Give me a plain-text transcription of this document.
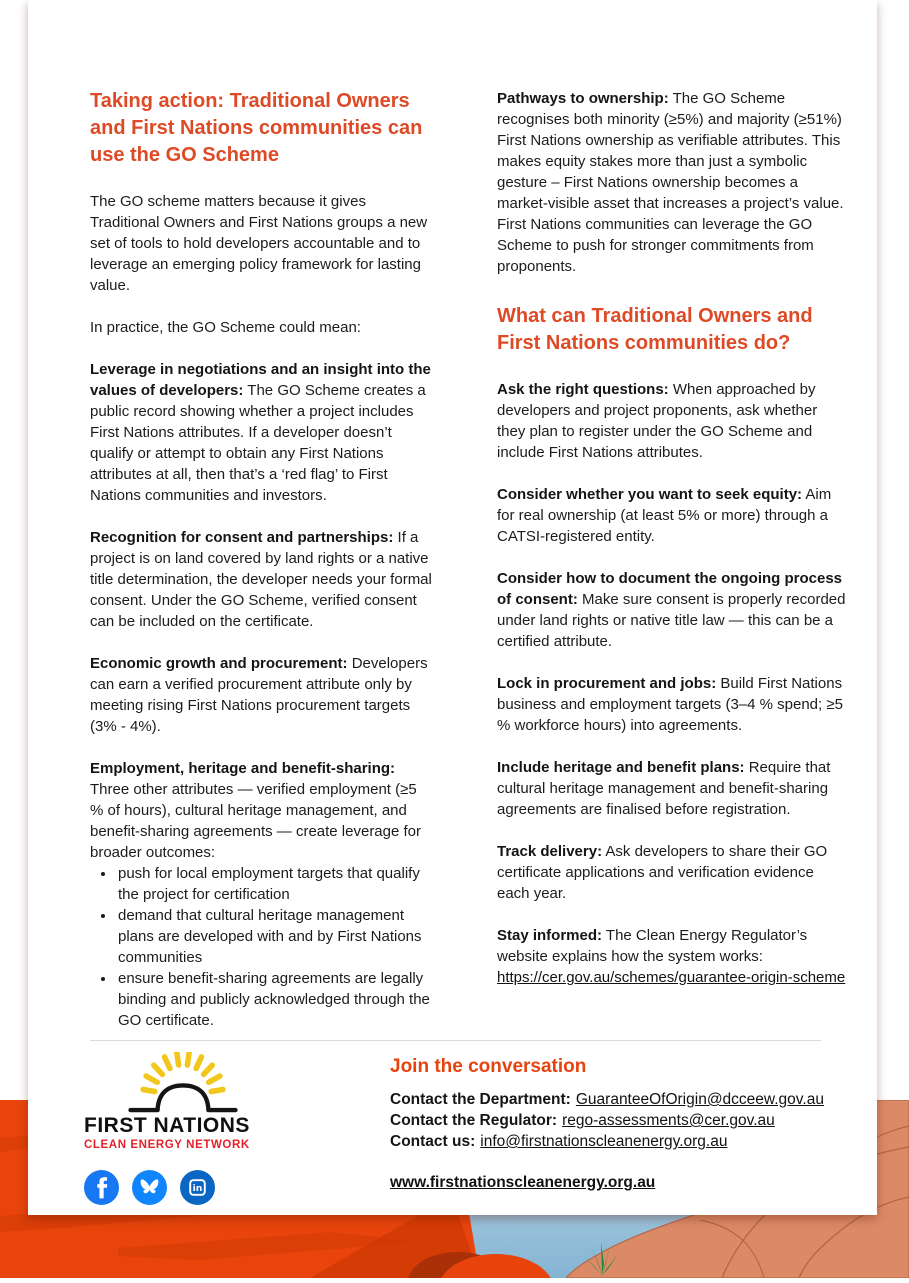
Taking action: Traditional Owners and First Nations communities can use the GO Scheme

The GO scheme matters because it gives Traditional Owners and First Nations groups a new set of tools to hold developers accountable and to leverage an emerging policy framework for lasting value.

In practice, the GO Scheme could mean:

Leverage in negotiations and an insight into the values of developers: The GO Scheme creates a public record showing whether a project includes First Nations attributes. If a developer doesn’t qualify or attempt to obtain any First Nations attributes at all, then that’s a ‘red flag’ to First Nations communities and investors.

Recognition for consent and partnerships: If a project is on land covered by land rights or a native title determination, the developer needs your formal consent. Under the GO Scheme, verified consent can be included on the certificate.

Economic growth and procurement: Developers can earn a verified procurement attribute only by meeting rising First Nations procurement targets (3% - 4%).

Employment, heritage and benefit-sharing: Three other attributes — verified employment (≥5 % of hours), cultural heritage management, and benefit-sharing agreements — create leverage for broader outcomes:

• push for local employment targets that qualify the project for certification
• demand that cultural heritage management plans are developed with and by First Nations communities
• ensure benefit-sharing agreements are legally binding and publicly acknowledged through the GO certificate.

Pathways to ownership: The GO Scheme recognises both minority (≥5%) and majority (≥51%) First Nations ownership as verifiable attributes. This makes equity stakes more than just a symbolic gesture – First Nations ownership becomes a market-visible asset that increases a project’s value. First Nations communities can leverage the GO Scheme to push for stronger commitments from proponents.

What can Traditional Owners and First Nations communities do?

Ask the right questions: When approached by developers and project proponents, ask whether they plan to register under the GO Scheme and include First Nations attributes.

Consider whether you want to seek equity: Aim for real ownership (at least 5% or more) through a CATSI-registered entity.

Consider how to document the ongoing process of consent: Make sure consent is properly recorded under land rights or native title law — this can be a certified attribute.

Lock in procurement and jobs: Build First Nations business and employment targets (3–4 % spend; ≥5 % workforce hours) into agreements.

Include heritage and benefit plans: Require that cultural heritage management and benefit-sharing agreements are finalised before registration.

Track delivery: Ask developers to share their GO certificate applications and verification evidence each year.

Stay informed: The Clean Energy Regulator’s website explains how the system works: https://cer.gov.au/schemes/guarantee-origin-scheme

FIRST NATIONS
CLEAN ENERGY NETWORK
in
Join the conversation
Contact the Department: GuaranteeOfOrigin@dcceew.gov.au
Contact the Regulator: rego-assessments@cer.gov.au
Contact us: info@firstnationscleanenergy.org.au
www.firstnationscleanenergy.org.au
